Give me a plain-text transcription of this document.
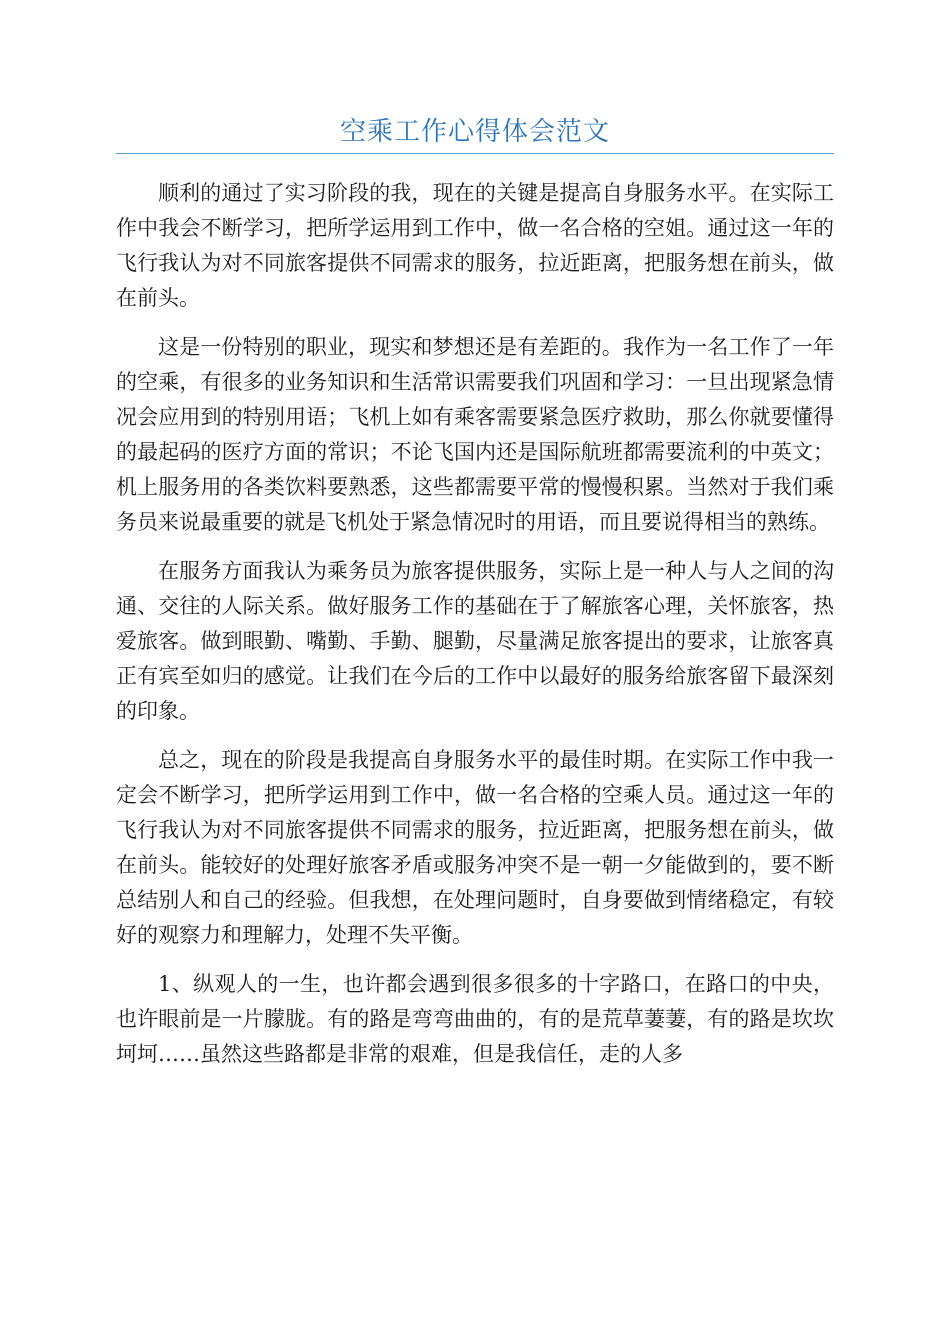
空乘工作心得体会范文

顺利的通过了实习阶段的我，现在的关键是提高自身服务水平。在实际工作中我会不断学习，把所学运用到工作中，做一名合格的空姐。通过这一年的飞行我认为对不同旅客提供不同需求的服务，拉近距离，把服务想在前头，做在前头。

这是一份特别的职业，现实和梦想还是有差距的。我作为一名工作了一年的空乘，有很多的业务知识和生活常识需要我们巩固和学习：一旦出现紧急情况会应用到的特别用语；飞机上如有乘客需要紧急医疗救助，那么你就要懂得的最起码的医疗方面的常识；不论飞国内还是国际航班都需要流利的中英文；机上服务用的各类饮料要熟悉，这些都需要平常的慢慢积累。当然对于我们乘务员来说最重要的就是飞机处于紧急情况时的用语，而且要说得相当的熟练。

在服务方面我认为乘务员为旅客提供服务，实际上是一种人与人之间的沟通、交往的人际关系。做好服务工作的基础在于了解旅客心理，关怀旅客，热爱旅客。做到眼勤、嘴勤、手勤、腿勤，尽量满足旅客提出的要求，让旅客真正有宾至如归的感觉。让我们在今后的工作中以最好的服务给旅客留下最深刻的印象。

总之，现在的阶段是我提高自身服务水平的最佳时期。在实际工作中我一定会不断学习，把所学运用到工作中，做一名合格的空乘人员。通过这一年的飞行我认为对不同旅客提供不同需求的服务，拉近距离，把服务想在前头，做在前头。能较好的处理好旅客矛盾或服务冲突不是一朝一夕能做到的，要不断总结别人和自己的经验。但我想，在处理问题时，自身要做到情绪稳定，有较好的观察力和理解力，处理不失平衡。

1、纵观人的一生，也许都会遇到很多很多的十字路口，在路口的中央，也许眼前是一片朦胧。有的路是弯弯曲曲的，有的是荒草萋萋，有的路是坎坎坷坷……虽然这些路都是非常的艰难，但是我信任，走的人多
